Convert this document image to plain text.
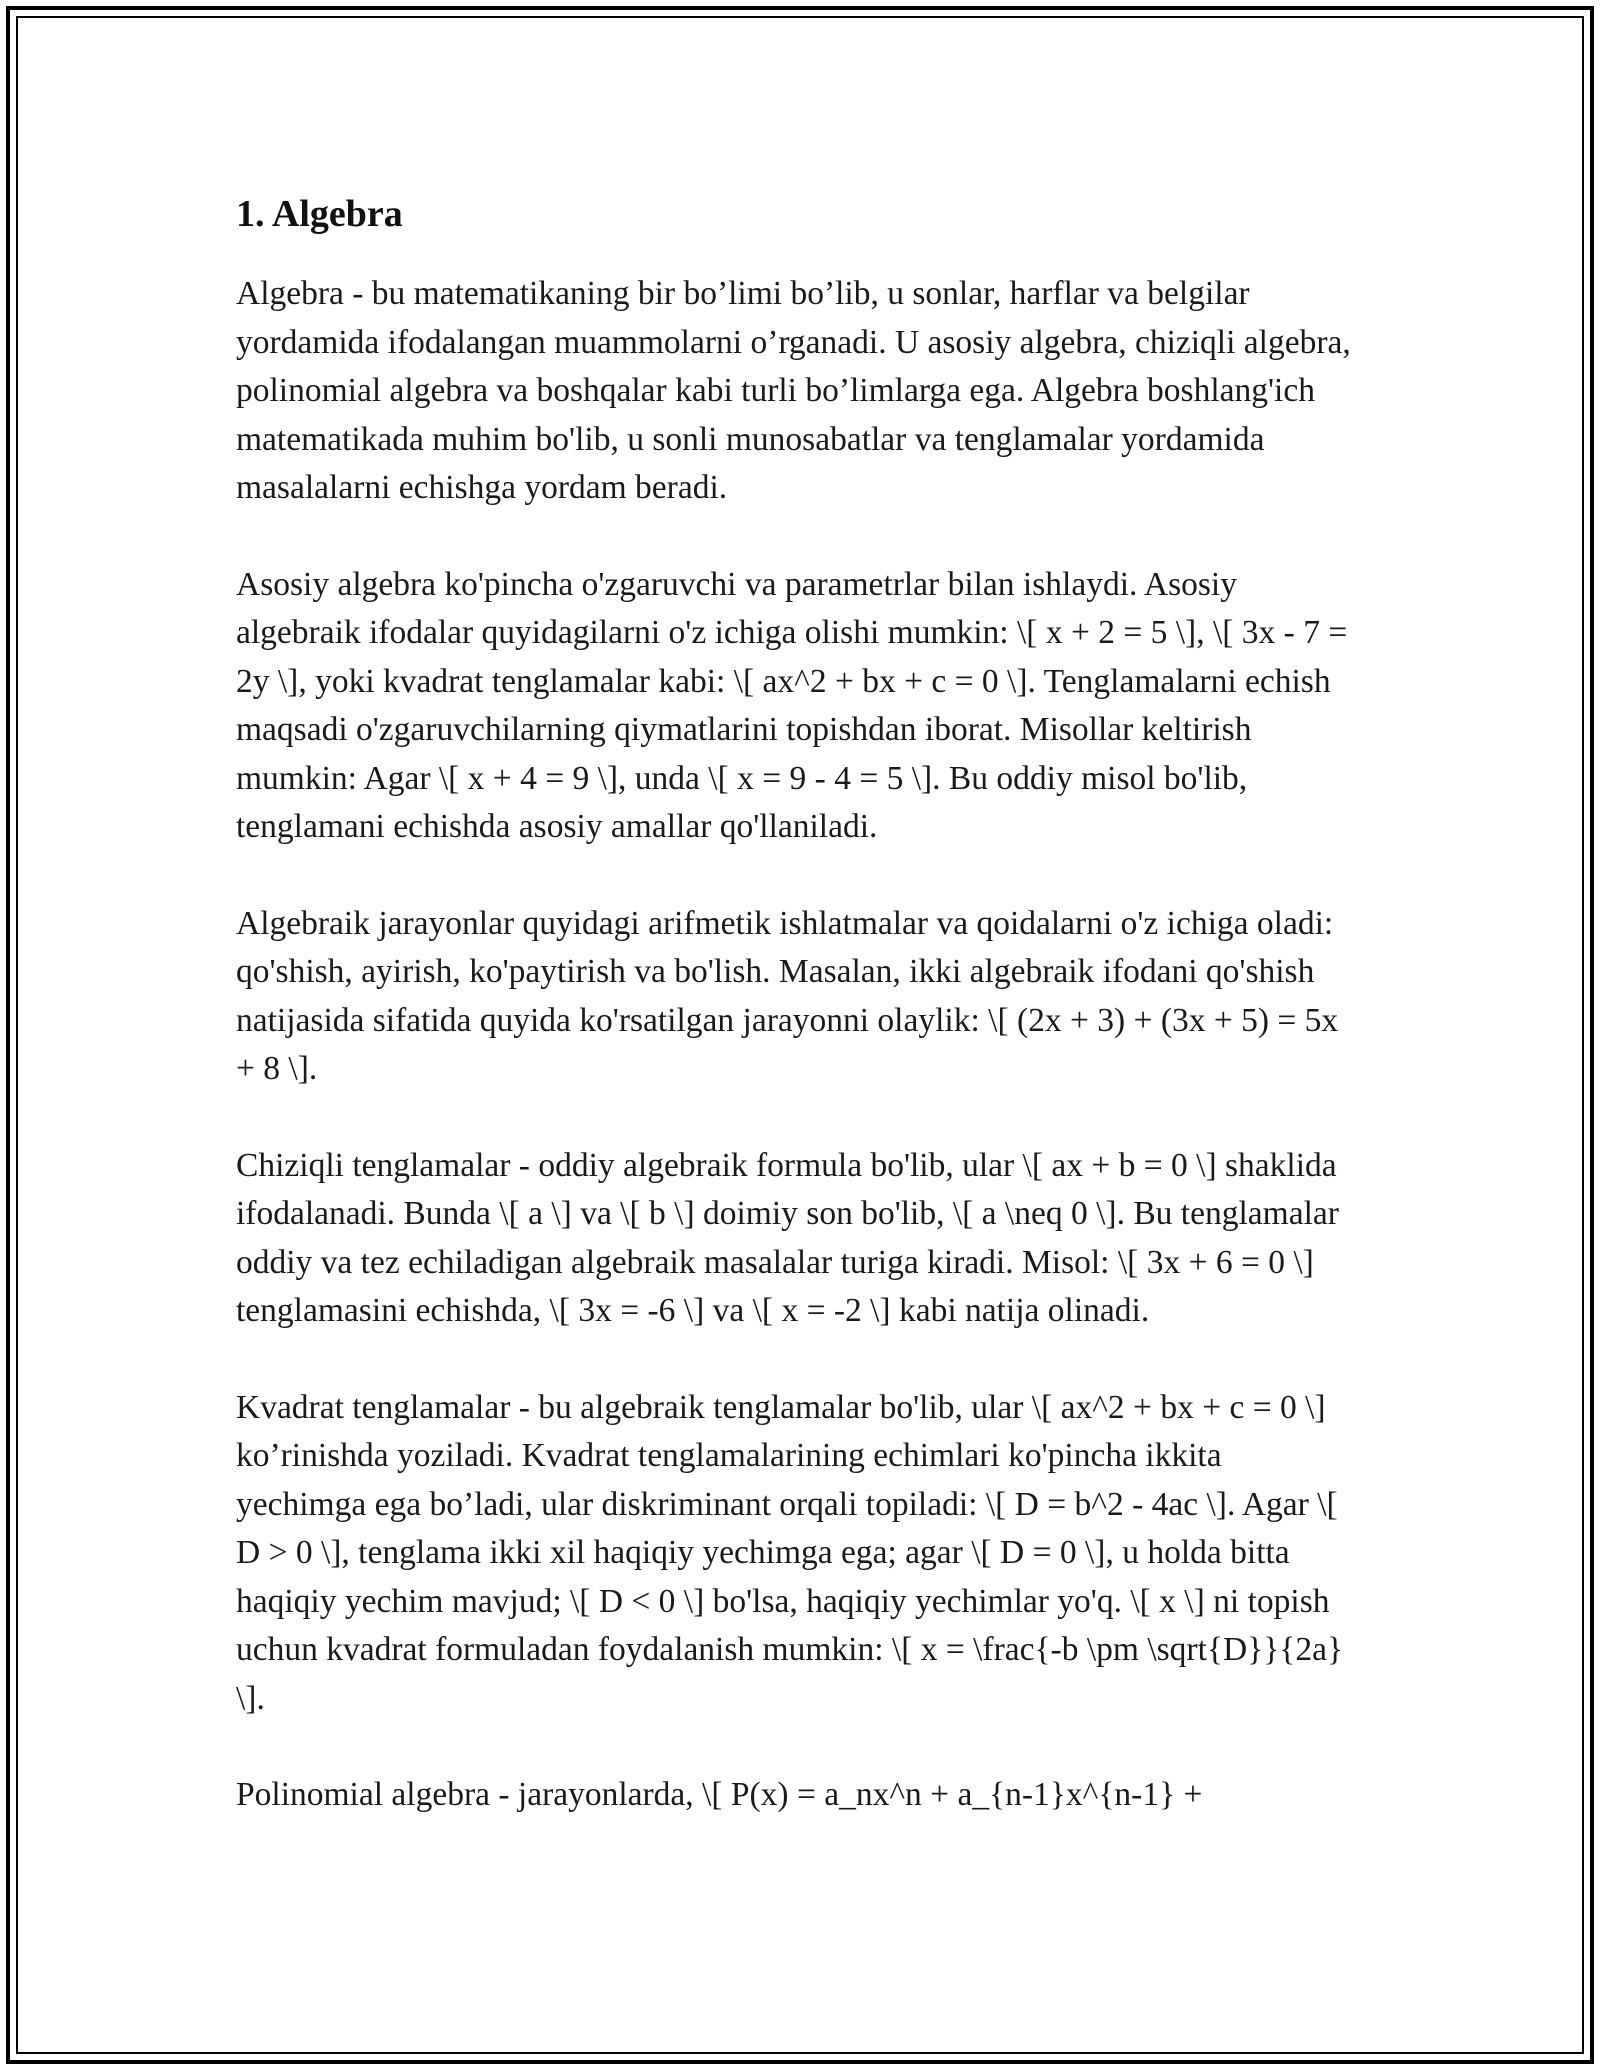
1. Algebra

Algebra - bu matematikaning bir bo’limi bo’lib, u sonlar, harflar va belgilar yordamida ifodalangan muammolarni o’rganadi. U asosiy algebra, chiziqli algebra, polinomial algebra va boshqalar kabi turli bo’limlarga ega. Algebra boshlang'ich matematikada muhim bo'lib, u sonli munosabatlar va tenglamalar yordamida masalalarni echishga yordam beradi.

Asosiy algebra ko'pincha o'zgaruvchi va parametrlar bilan ishlaydi. Asosiy algebraik ifodalar quyidagilarni o'z ichiga olishi mumkin: \[ x + 2 = 5 \], \[ 3x - 7 = 2y \], yoki kvadrat tenglamalar kabi: \[ ax^2 + bx + c = 0 \]. Tenglamalarni echish maqsadi o'zgaruvchilarning qiymatlarini topishdan iborat. Misollar keltirish mumkin: Agar \[ x + 4 = 9 \], unda \[ x = 9 - 4 = 5 \]. Bu oddiy misol bo'lib, tenglamani echishda asosiy amallar qo'llaniladi.

Algebraik jarayonlar quyidagi arifmetik ishlatmalar va qoidalarni o'z ichiga oladi: qo'shish, ayirish, ko'paytirish va bo'lish. Masalan, ikki algebraik ifodani qo'shish natijasida sifatida quyida ko'rsatilgan jarayonni olaylik: \[ (2x + 3) + (3x + 5) = 5x + 8 \].

Chiziqli tenglamalar - oddiy algebraik formula bo'lib, ular \[ ax + b = 0 \] shaklida ifodalanadi. Bunda \[ a \] va \[ b \] doimiy son bo'lib, \[ a \neq 0 \]. Bu tenglamalar oddiy va tez echiladigan algebraik masalalar turiga kiradi. Misol: \[ 3x + 6 = 0 \] tenglamasini echishda, \[ 3x = -6 \] va \[ x = -2 \] kabi natija olinadi.

Kvadrat tenglamalar - bu algebraik tenglamalar bo'lib, ular \[ ax^2 + bx + c = 0 \] ko’rinishda yoziladi. Kvadrat tenglamalarining echimlari ko'pincha ikkita yechimga ega bo’ladi, ular diskriminant orqali topiladi: \[ D = b^2 - 4ac \]. Agar \[ D > 0 \], tenglama ikki xil haqiqiy yechimga ega; agar \[ D = 0 \], u holda bitta haqiqiy yechim mavjud; \[ D < 0 \] bo'lsa, haqiqiy yechimlar yo'q. \[ x \] ni topish uchun kvadrat formuladan foydalanish mumkin: \[ x = \frac{-b \pm \sqrt{D}}{2a} \].

Polinomial algebra - jarayonlarda, \[ P(x) = a_nx^n + a_{n-1}x^{n-1} +
